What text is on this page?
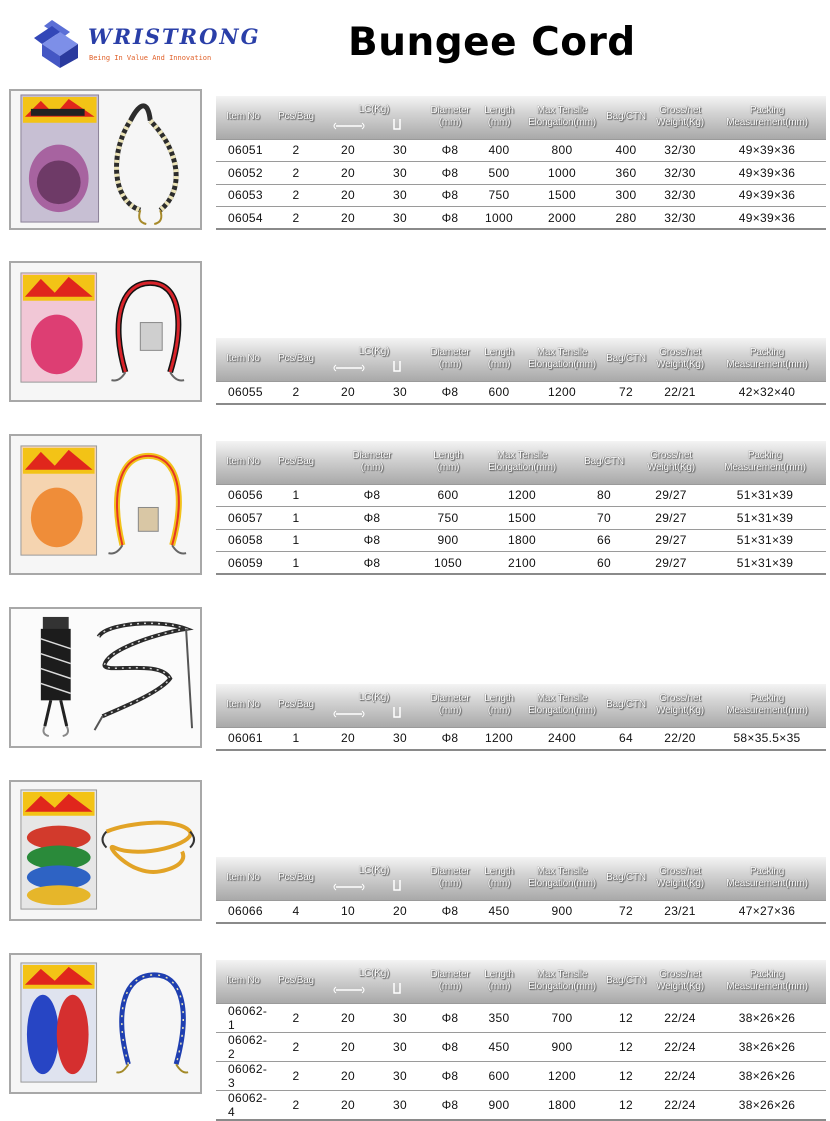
WRISTRONG
Being In Value And Innovation	Bungee Cord
Item No	Pcs/Bag	LC(Kg)		Diameter
(mm)	Length
(mm)	Max Tensile
Elongation(mm)	Bag/CTN	Gross/net
Weight(Kg)	Packing
Measurement(mm)
06051	2	20	30	Φ8	400	800	400	32/30	49×39×36
06052	2	20	30	Φ8	500	1000	360	32/30	49×39×36
06053	2	20	30	Φ8	750	1500	300	32/30	49×39×36
06054	2	20	30	Φ8	1000	2000	280	32/30	49×39×36
Item No	Pcs/Bag	LC(Kg)		Diameter
(mm)	Length
(mm)	Max Tensile
Elongation(mm)	Bag/CTN	Gross/net
Weight(Kg)	Packing
Measurement(mm)
06055	2	20	30	Φ8	600	1200	72	22/21	42×32×40
Item No	Pcs/Bag	Diameter
(mm)	Length
(mm)	Max Tensile
Elongation(mm)	Bag/CTN	Gross/net
Weight(Kg)	Packing
Measurement(mm)
06056	1	Φ8	600	1200	80	29/27	51×31×39
06057	1	Φ8	750	1500	70	29/27	51×31×39
06058	1	Φ8	900	1800	66	29/27	51×31×39
06059	1	Φ8	1050	2100	60	29/27	51×31×39
Item No	Pcs/Bag	LC(Kg)		Diameter
(mm)	Length
(mm)	Max Tensile
Elongation(mm)	Bag/CTN	Gross/net
Weight(Kg)	Packing
Measurement(mm)
06061	1	20	30	Φ8	1200	2400	64	22/20	58×35.5×35
Item No	Pcs/Bag	LC(Kg)		Diameter
(mm)	Length
(mm)	Max Tensile
Elongation(mm)	Bag/CTN	Gross/net
Weight(Kg)	Packing
Measurement(mm)
06066	4	10	20	Φ8	450	900	72	23/21	47×27×36
Item No	Pcs/Bag	LC(Kg)		Diameter
(mm)	Length
(mm)	Max Tensile
Elongation(mm)	Bag/CTN	Gross/net
Weight(Kg)	Packing
Measurement(mm)
06062-1	2	20	30	Φ8	350	700	12	22/24	38×26×26
06062-2	2	20	30	Φ8	450	900	12	22/24	38×26×26
06062-3	2	20	30	Φ8	600	1200	12	22/24	38×26×26
06062-4	2	20	30	Φ8	900	1800	12	22/24	38×26×26
